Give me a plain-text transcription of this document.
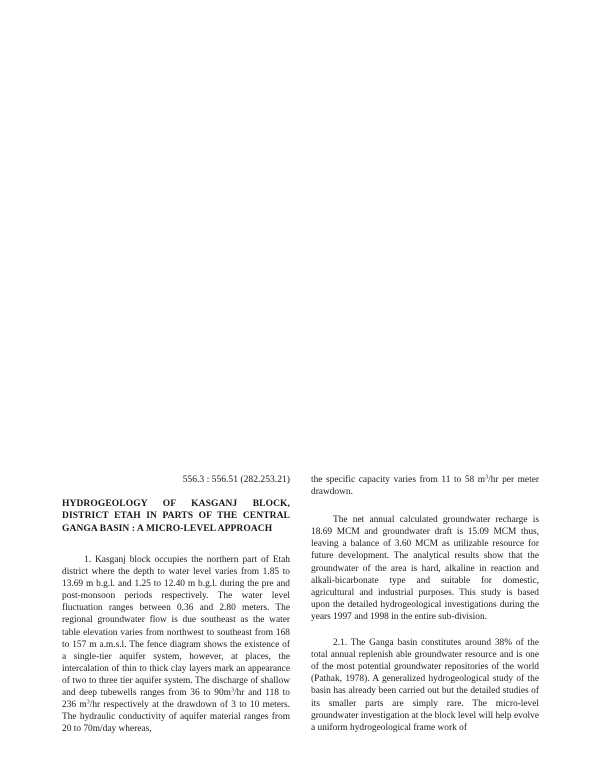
556.3 : 556.51 (282.253.21)

HYDROGEOLOGY OF KASGANJ BLOCK, DISTRICT ETAH IN PARTS OF THE CENTRAL GANGA BASIN : A MICRO-LEVEL APPROACH

1. Kasganj block occupies the northern part of Etah district where the depth to water level varies from 1.85 to 13.69 m b.g.l. and 1.25 to 12.40 m b.g.l. during the pre and post-monsoon periods respectively. The water level fluctuation ranges between 0.36 and 2.80 meters. The regional groundwater flow is due southeast as the water table elevation varies from northwest to southeast from 168 to 157 m a.m.s.l. The fence diagram shows the existence of a single-tier aquifer system, however, at places, the intercalation of thin to thick clay layers mark an appearance of two to three tier aquifer system. The discharge of shallow and deep tubewells ranges from 36 to $90m^3/hr$ and 118 to 236 $m^3/hr$ respectively at the drawdown of 3 to 10 meters. The hydraulic conductivity of aquifer material ranges from 20 to 70m/day whereas,

the specific capacity varies from 11 to 58 $m^3/hr$ per meter drawdown.

The net annual calculated groundwater recharge is 18.69 MCM and groundwater draft is 15.09 MCM thus, leaving a balance of 3.60 MCM as utilizable resource for future development. The analytical results show that the groundwater of the area is hard, alkaline in reaction and alkali-bicarbonate type and suitable for domestic, agricultural and industrial purposes. This study is based upon the detailed hydrogeological investigations during the years 1997 and 1998 in the entire sub-division.

2.1. The Ganga basin constitutes around 38% of the total annual replenish able groundwater resource and is one of the most potential groundwater repositories of the world (Pathak, 1978). A generalized hydrogeological study of the basin has already been carried out but the detailed studies of its smaller parts are simply rare. The micro-level groundwater investigation at the block level will help evolve a uniform hydrogeological frame work of
